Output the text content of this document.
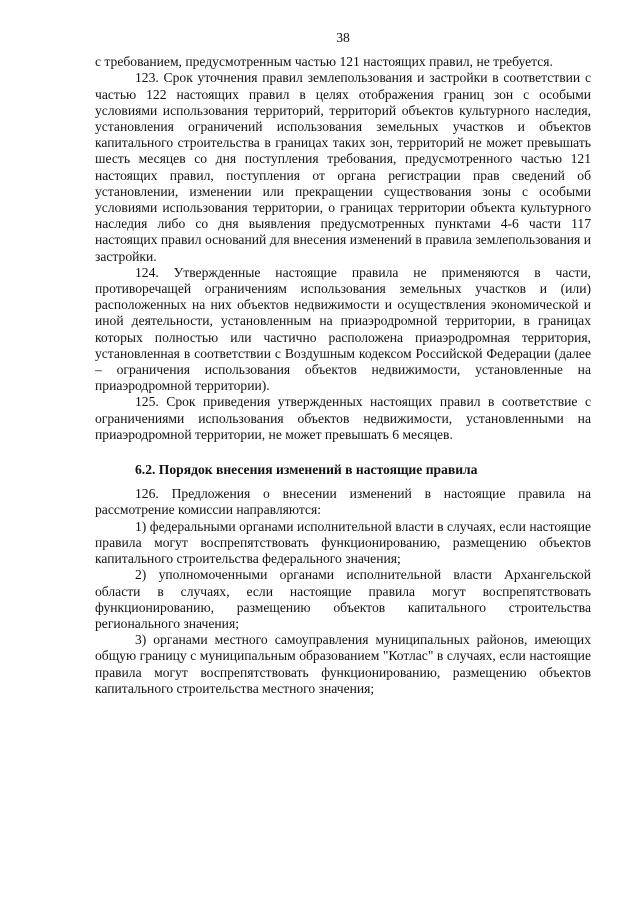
38

с требованием, предусмотренным частью 121 настоящих правил, не требуется.

123. Срок уточнения правил землепользования и застройки в соответствии с частью 122 настоящих правил в целях отображения границ зон с особыми условиями использования территорий, территорий объектов культурного наследия, установления ограничений использования земельных участков и объектов капитального строительства в границах таких зон, территорий не может превышать шесть месяцев со дня поступления требования, предусмотренного частью 121 настоящих правил, поступления от органа регистрации прав сведений об установлении, изменении или прекращении существования зоны с особыми условиями использования территории, о границах территории объекта культурного наследия либо со дня выявления предусмотренных пунктами 4-6 части 117 настоящих правил оснований для внесения изменений в правила землепользования и застройки.

124. Утвержденные настоящие правила не применяются в части, противоречащей ограничениям использования земельных участков и (или) расположенных на них объектов недвижимости и осуществления экономической и иной деятельности, установленным на приаэродромной территории, в границах которых полностью или частично расположена приаэродромная территория, установленная в соответствии с Воздушным кодексом Российской Федерации (далее – ограничения использования объектов недвижимости, установленные на приаэродромной территории).

125. Срок приведения утвержденных настоящих правил в соответствие с ограничениями использования объектов недвижимости, установленными на приаэродромной территории, не может превышать 6 месяцев.

6.2. Порядок внесения изменений в настоящие правила

126. Предложения о внесении изменений в настоящие правила на рассмотрение комиссии направляются:

1) федеральными органами исполнительной власти в случаях, если настоящие правила могут воспрепятствовать функционированию, размещению объектов капитального строительства федерального значения;

2) уполномоченными органами исполнительной власти Архангельской области в случаях, если настоящие правила могут воспрепятствовать функционированию, размещению объектов капитального строительства регионального значения;

3) органами местного самоуправления муниципальных районов, имеющих общую границу с муниципальным образованием "Котлас" в случаях, если настоящие правила могут воспрепятствовать функционированию, размещению объектов капитального строительства местного значения;
